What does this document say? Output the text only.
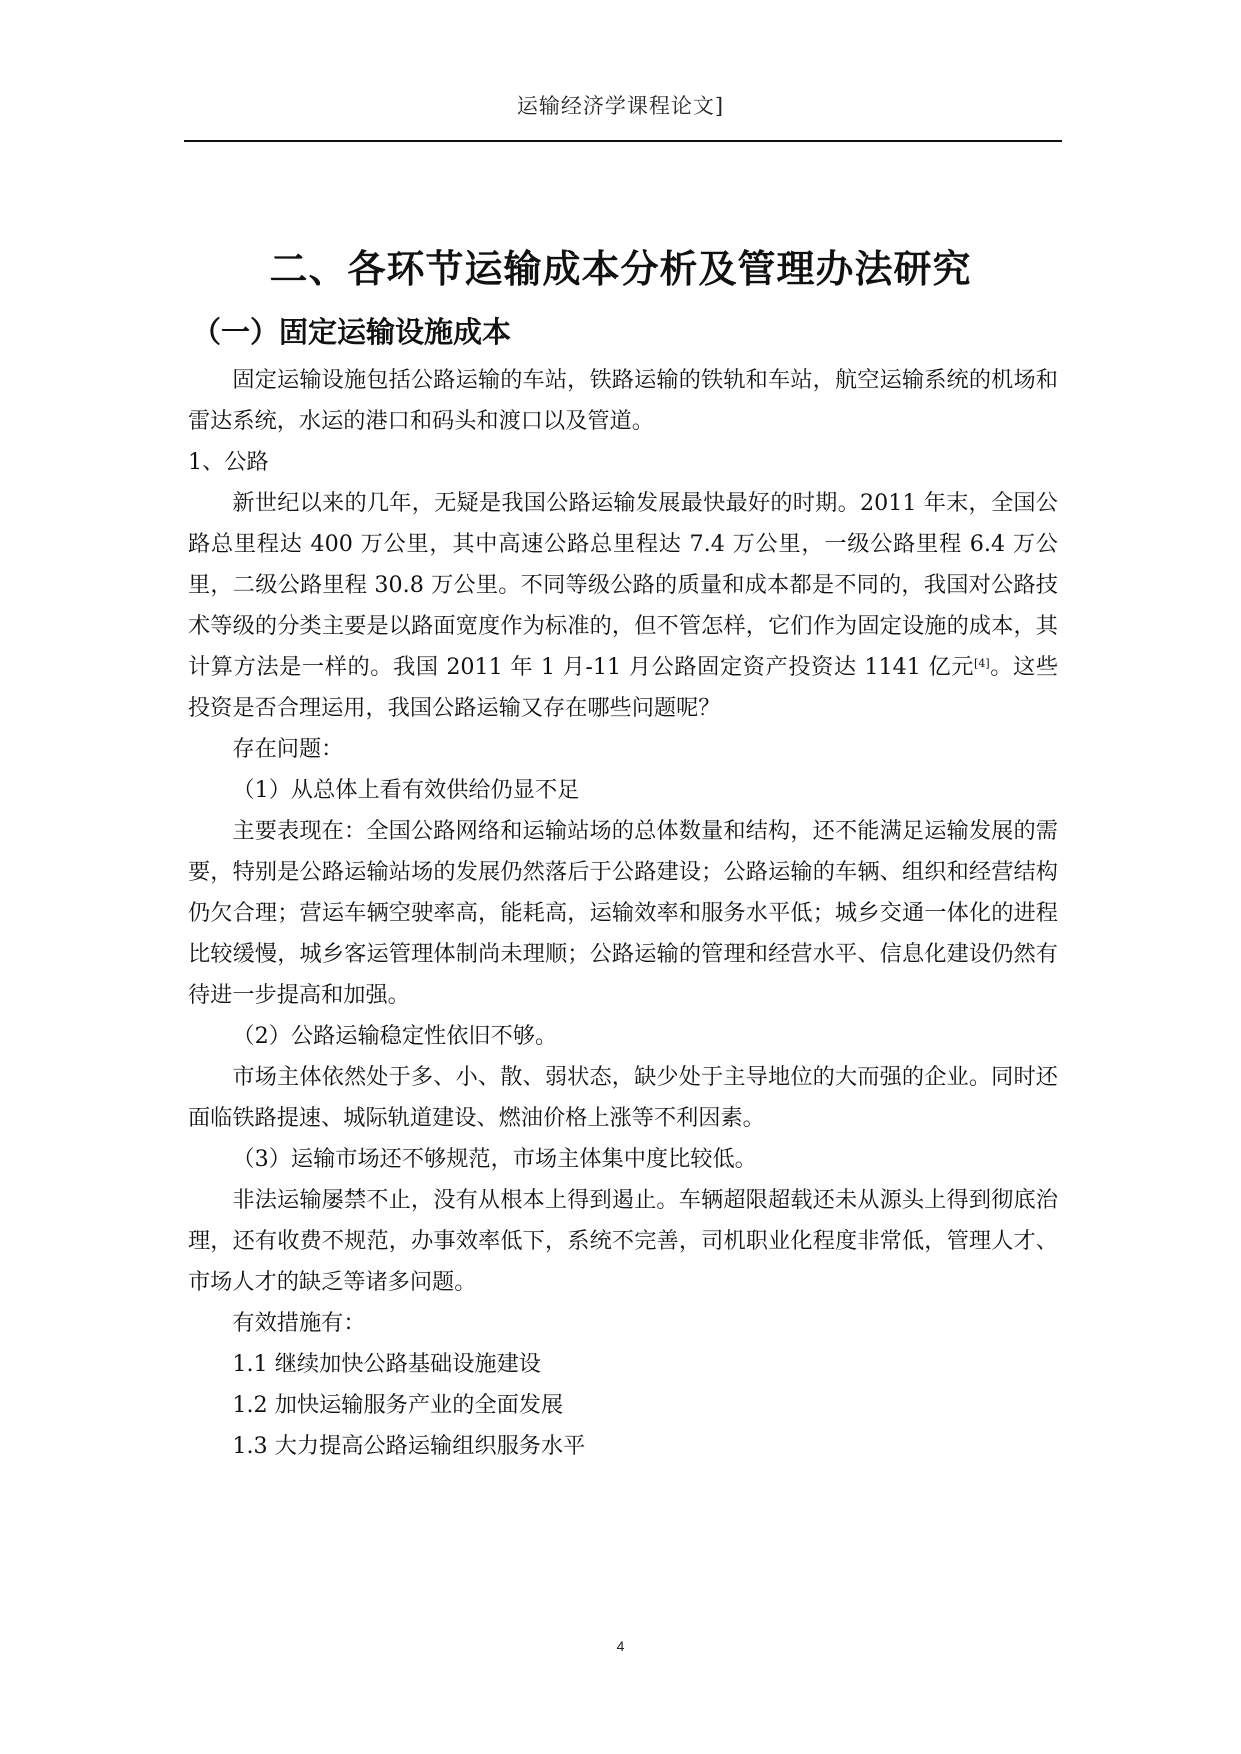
运输经济学课程论文]
二、各环节运输成本分析及管理办法研究
（一）固定运输设施成本

固定运输设施包括公路运输的车站，铁路运输的铁轨和车站，航空运输系统的机场和雷达系统，水运的港口和码头和渡口以及管道。

1、公路

新世纪以来的几年，无疑是我国公路运输发展最快最好的时期。2011 年末，全国公路总里程达 400 万公里，其中高速公路总里程达 7.4 万公里，一级公路里程 6.4 万公里，二级公路里程 30.8 万公里。不同等级公路的质量和成本都是不同的，我国对公路技术等级的分类主要是以路面宽度作为标准的，但不管怎样，它们作为固定设施的成本，其计算方法是一样的。我国 2011 年 1 月-11 月公路固定资产投资达 1141 亿元[4]。这些投资是否合理运用，我国公路运输又存在哪些问题呢？

存在问题：

（1）从总体上看有效供给仍显不足

主要表现在：全国公路网络和运输站场的总体数量和结构，还不能满足运输发展的需要，特别是公路运输站场的发展仍然落后于公路建设；公路运输的车辆、组织和经营结构仍欠合理；营运车辆空驶率高，能耗高，运输效率和服务水平低；城乡交通一体化的进程比较缓慢，城乡客运管理体制尚未理顺；公路运输的管理和经营水平、信息化建设仍然有待进一步提高和加强。

（2）公路运输稳定性依旧不够。

市场主体依然处于多、小、散、弱状态，缺少处于主导地位的大而强的企业。同时还面临铁路提速、城际轨道建设、燃油价格上涨等不利因素。

（3）运输市场还不够规范，市场主体集中度比较低。

非法运输屡禁不止，没有从根本上得到遏止。车辆超限超载还未从源头上得到彻底治理，还有收费不规范，办事效率低下，系统不完善，司机职业化程度非常低，管理人才、市场人才的缺乏等诸多问题。

有效措施有：

1.1 继续加快公路基础设施建设

1.2 加快运输服务产业的全面发展

1.3 大力提高公路运输组织服务水平

4
